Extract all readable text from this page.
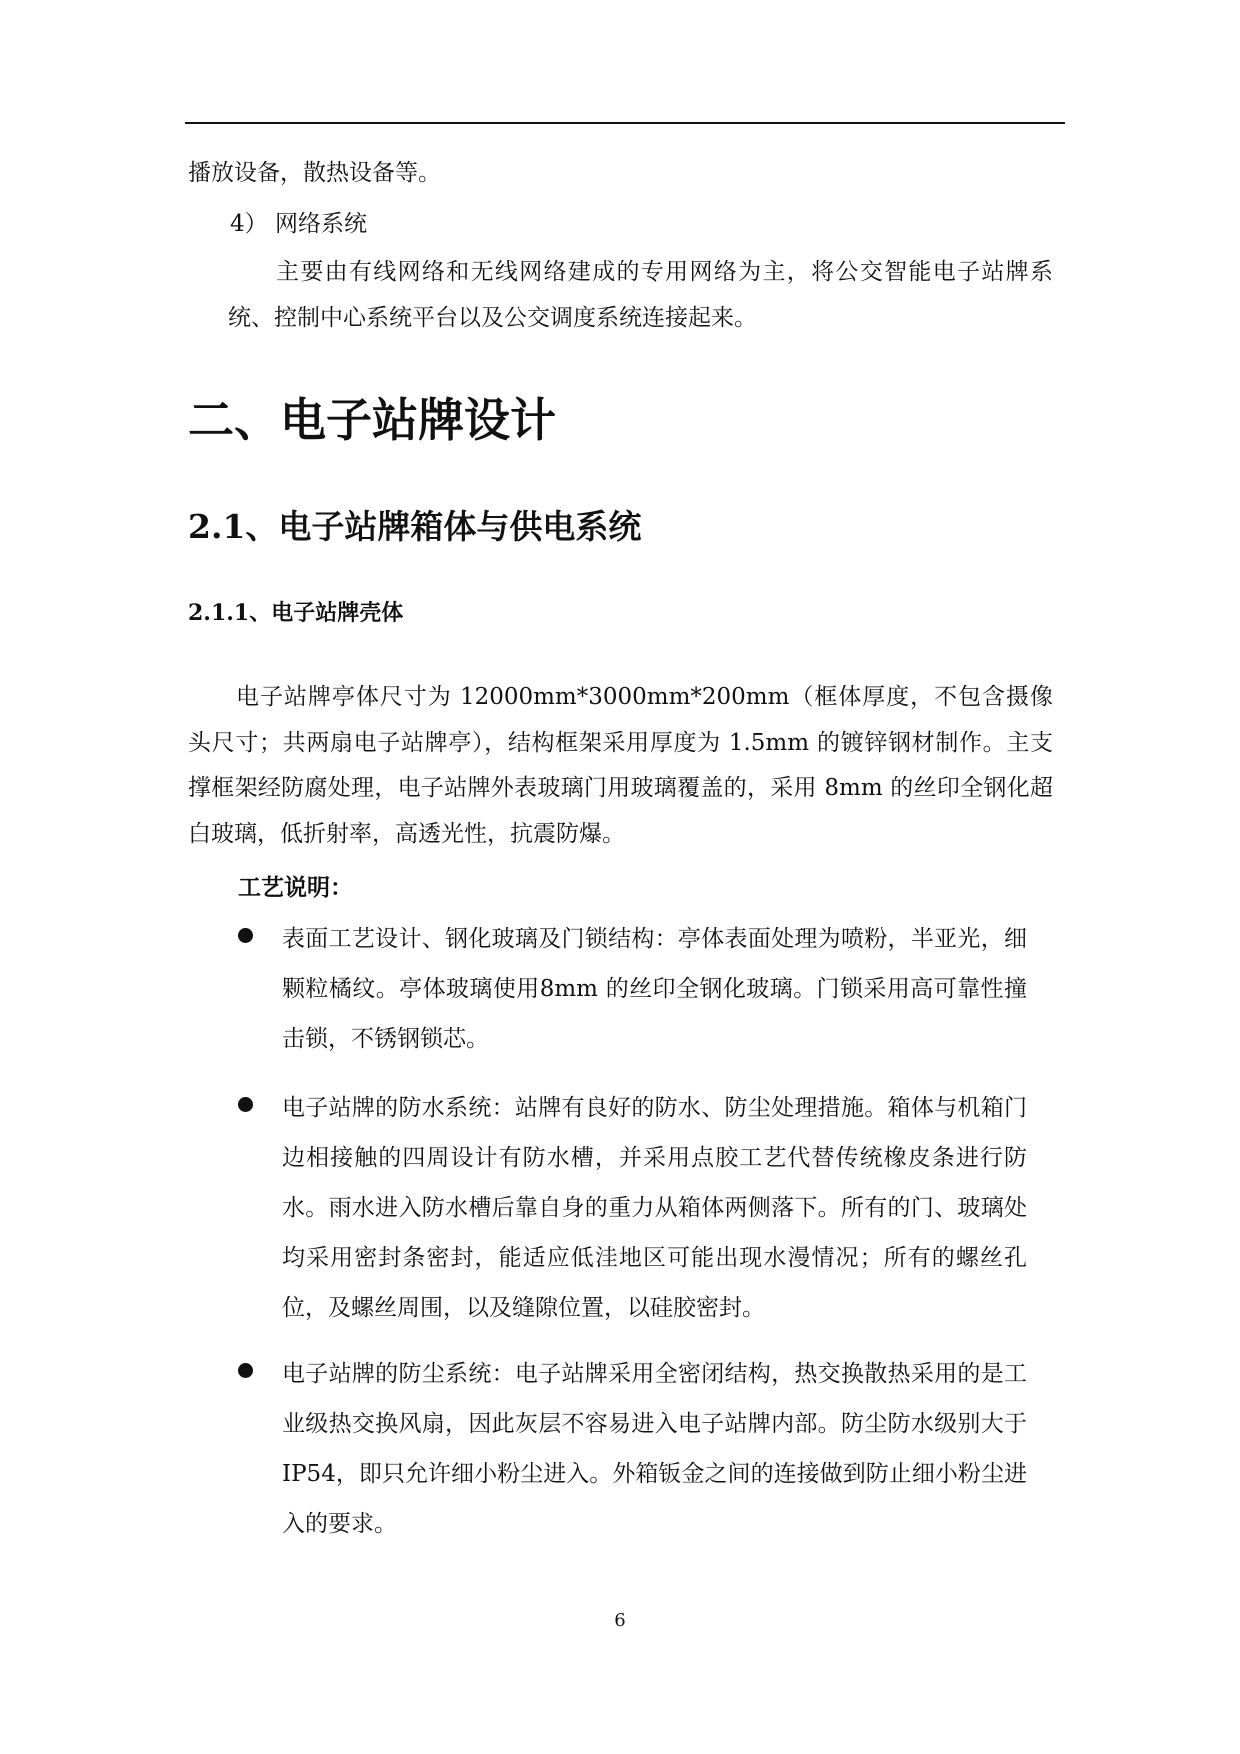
播放设备，散热设备等。
4） 网络系统
主要由有线网络和无线网络建成的专用网络为主，将公交智能电子站牌系统、控制中心系统平台以及公交调度系统连接起来。
二、电子站牌设计
2.1、电子站牌箱体与供电系统
2.1.1、电子站牌壳体
电子站牌亭体尺寸为 12000mm*3000mm*200mm（框体厚度，不包含摄像头尺寸；共两扇电子站牌亭），结构框架采用厚度为 1.5mm 的镀锌钢材制作。主支撑框架经防腐处理，电子站牌外表玻璃门用玻璃覆盖的，采用 8mm 的丝印全钢化超白玻璃，低折射率，高透光性，抗震防爆。
工艺说明：
表面工艺设计、钢化玻璃及门锁结构：亭体表面处理为喷粉，半亚光，细颗粒橘纹。亭体玻璃使用8mm 的丝印全钢化玻璃。门锁采用高可靠性撞击锁，不锈钢锁芯。
电子站牌的防水系统：站牌有良好的防水、防尘处理措施。箱体与机箱门边相接触的四周设计有防水槽，并采用点胶工艺代替传统橡皮条进行防水。雨水进入防水槽后靠自身的重力从箱体两侧落下。所有的门、玻璃处均采用密封条密封，能适应低洼地区可能出现水漫情况；所有的螺丝孔位，及螺丝周围，以及缝隙位置，以硅胶密封。
电子站牌的防尘系统：电子站牌采用全密闭结构，热交换散热采用的是工业级热交换风扇，因此灰层不容易进入电子站牌内部。防尘防水级别大于 IP54，即只允许细小粉尘进入。外箱钣金之间的连接做到防止细小粉尘进入的要求。
6
